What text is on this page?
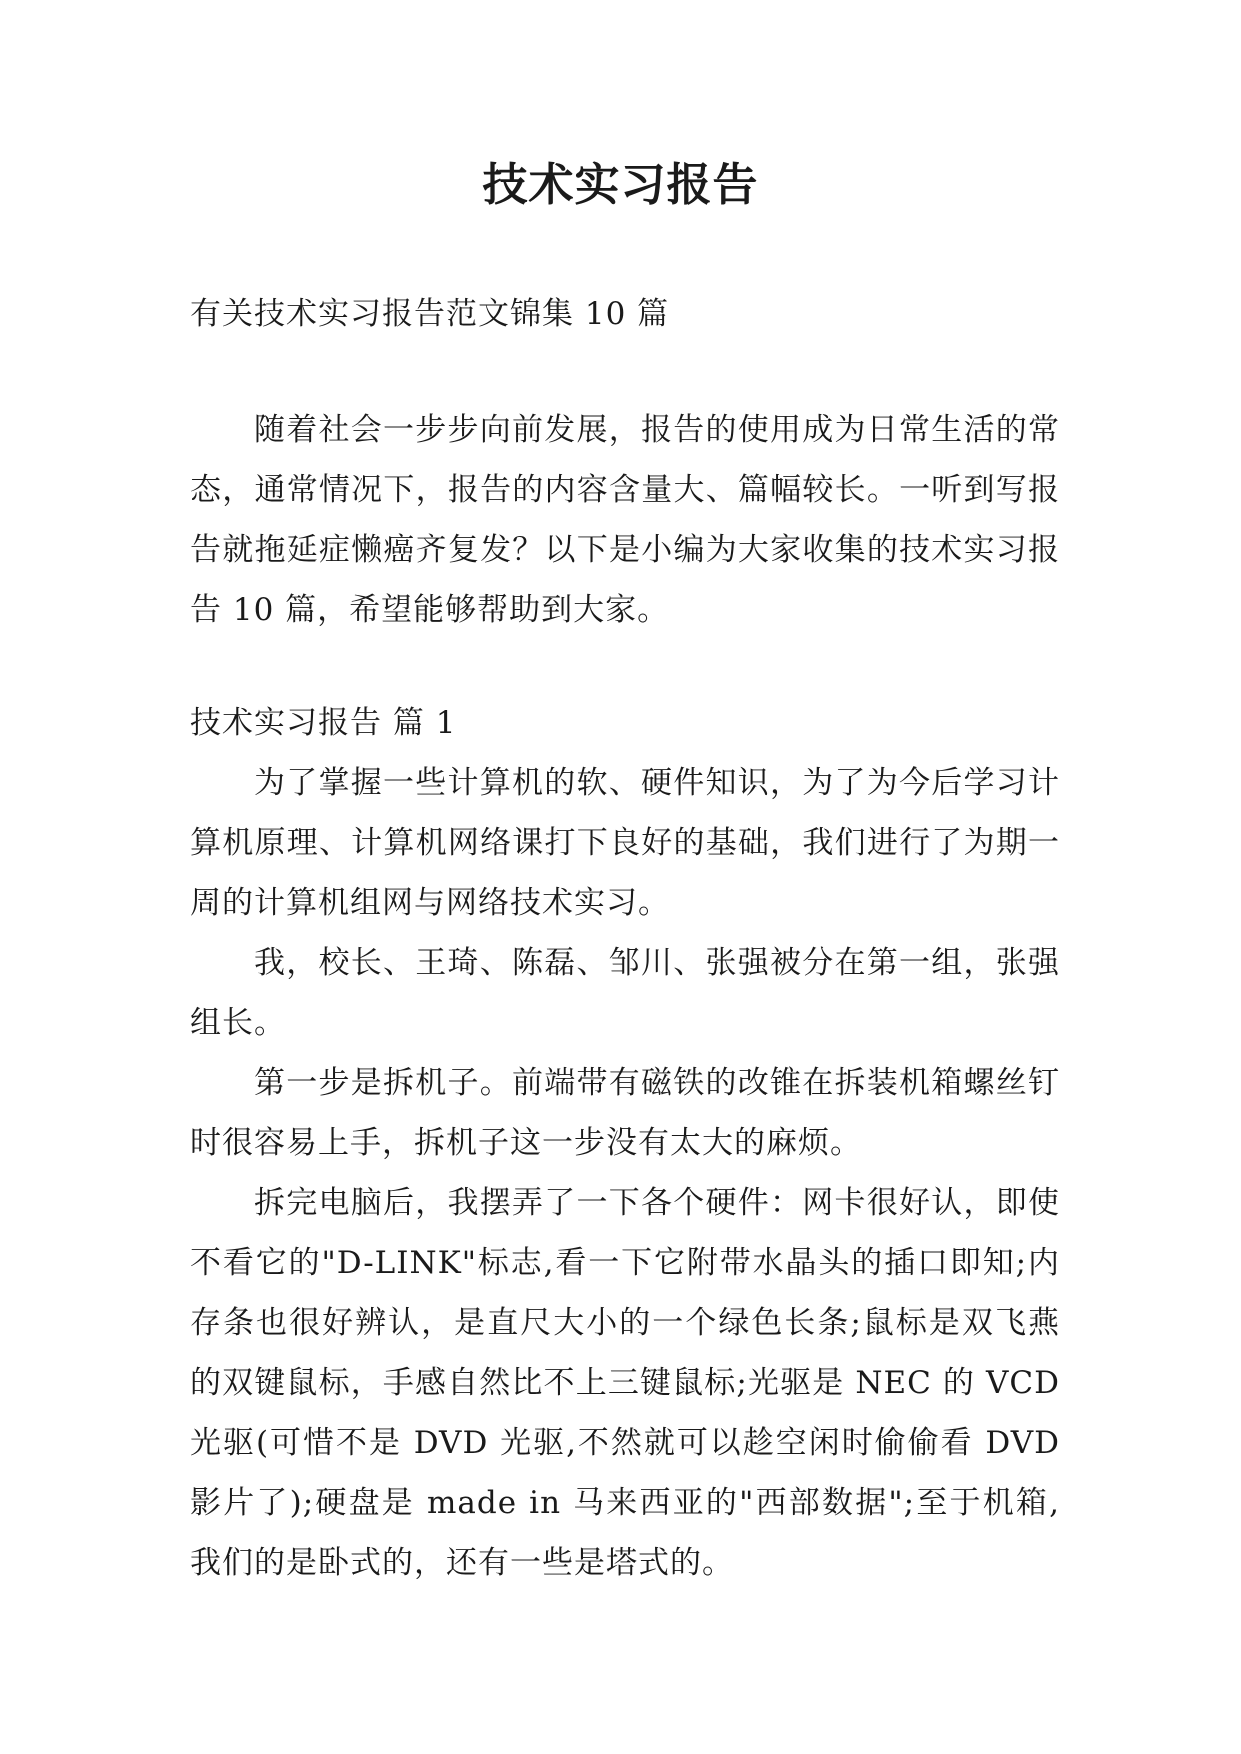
技术实习报告

有关技术实习报告范文锦集 10 篇

随着社会一步步向前发展，报告的使用成为日常生活的常态，通常情况下，报告的内容含量大、篇幅较长。一听到写报告就拖延症懒癌齐复发？以下是小编为大家收集的技术实习报告 10 篇，希望能够帮助到大家。

技术实习报告 篇 1

为了掌握一些计算机的软、硬件知识，为了为今后学习计算机原理、计算机网络课打下良好的基础，我们进行了为期一周的计算机组网与网络技术实习。

我，校长、王琦、陈磊、邹川、张强被分在第一组，张强组长。

第一步是拆机子。前端带有磁铁的改锥在拆装机箱螺丝钉时很容易上手，拆机子这一步没有太大的麻烦。

拆完电脑后，我摆弄了一下各个硬件：网卡很好认，即使不看它的"D-LINK"标志,看一下它附带水晶头的插口即知;内存条也很好辨认，是直尺大小的一个绿色长条;鼠标是双飞燕的双键鼠标，手感自然比不上三键鼠标;光驱是 NEC 的 VCD 光驱(可惜不是 DVD 光驱,不然就可以趁空闲时偷偷看 DVD 影片了);硬盘是 made in 马来西亚的"西部数据";至于机箱,我们的是卧式的，还有一些是塔式的。
